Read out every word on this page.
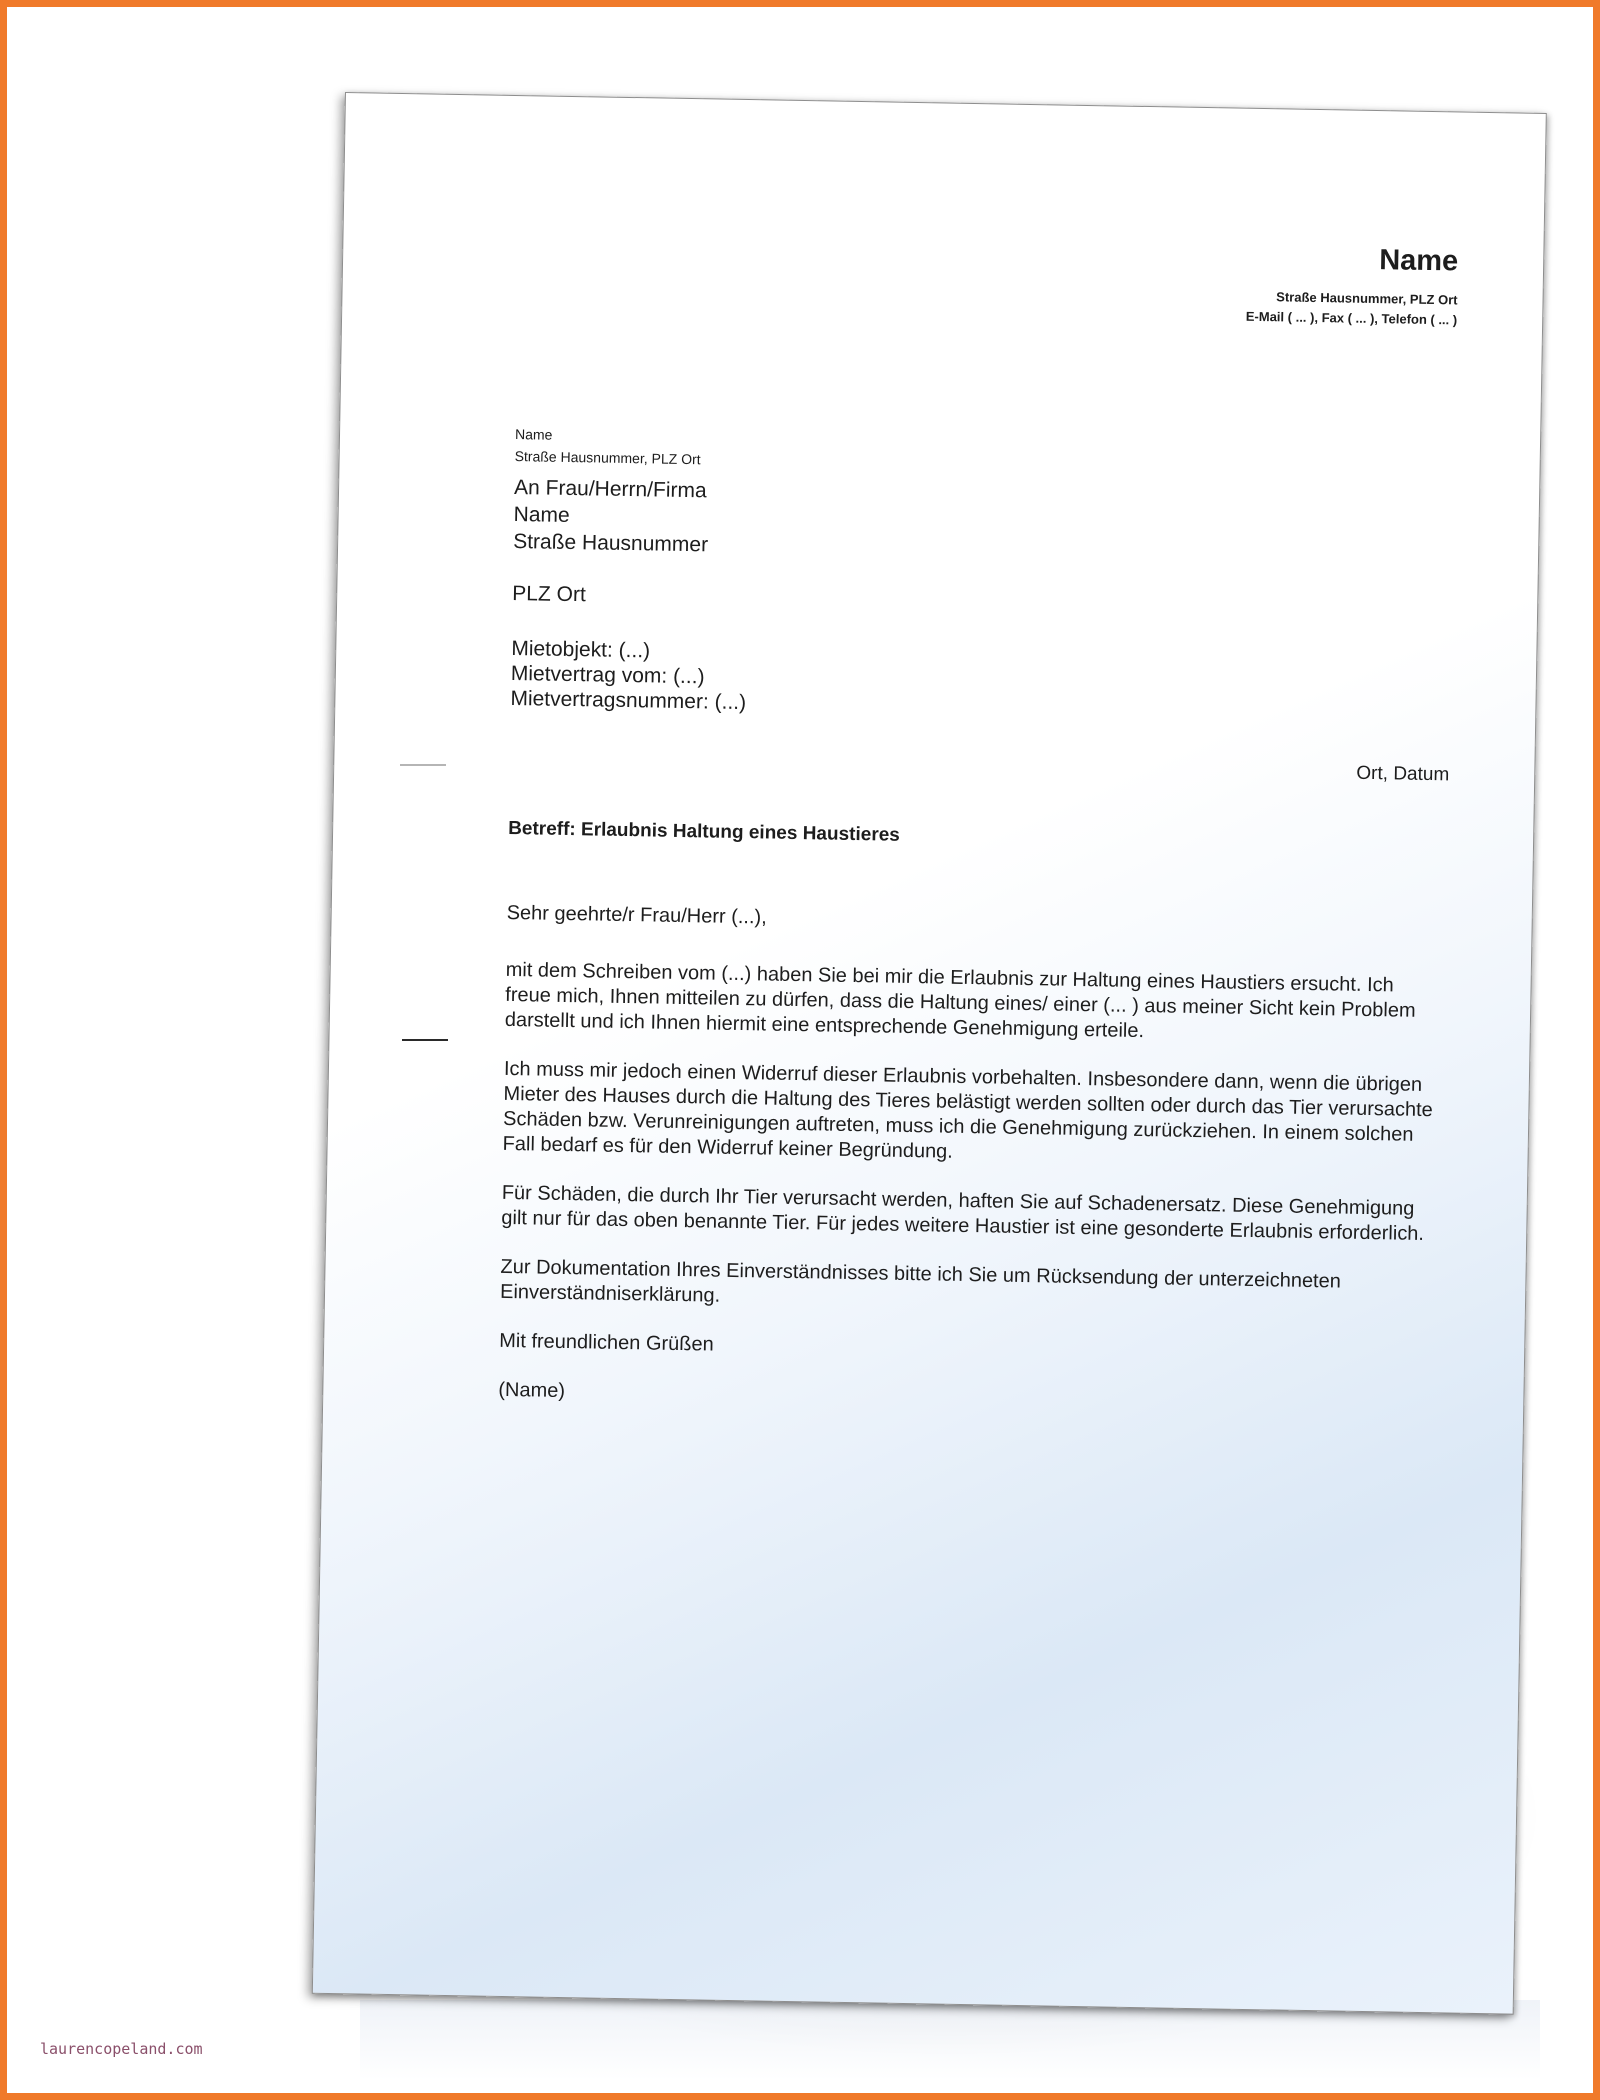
Name
Straße Hausnummer, PLZ Ort
E-Mail ( ... ), Fax ( ... ), Telefon ( ... )
Name
Straße Hausnummer, PLZ Ort
An Frau/Herrn/Firma
Name
Straße Hausnummer
PLZ Ort
Mietobjekt: (...)
Mietvertrag vom: (...)
Mietvertragsnummer: (...)
Ort, Datum
Betreff: Erlaubnis Haltung eines Haustieres

Sehr geehrte/r Frau/Herr (...),

mit dem Schreiben vom (...) haben Sie bei mir die Erlaubnis zur Haltung eines Haustiers ersucht. Ich freue mich, Ihnen mitteilen zu dürfen, dass die Haltung eines/ einer (... ) aus meiner Sicht kein Problem darstellt und ich Ihnen hiermit eine entsprechende Genehmigung erteile.

Ich muss mir jedoch einen Widerruf dieser Erlaubnis vorbehalten. Insbesondere dann, wenn die übrigen Mieter des Hauses durch die Haltung des Tieres belästigt werden sollten oder durch das Tier verursachte Schäden bzw. Verunreinigungen auftreten, muss ich die Genehmigung zurückziehen. In einem solchen Fall bedarf es für den Widerruf keiner Begründung.

Für Schäden, die durch Ihr Tier verursacht werden, haften Sie auf Schadenersatz. Diese Genehmigung gilt nur für das oben benannte Tier. Für jedes weitere Haustier ist eine gesonderte Erlaubnis erforderlich.

Zur Dokumentation Ihres Einverständnisses bitte ich Sie um Rücksendung der unterzeichneten Einverständniserklärung.

Mit freundlichen Grüßen

(Name)

laurencopeland.com
